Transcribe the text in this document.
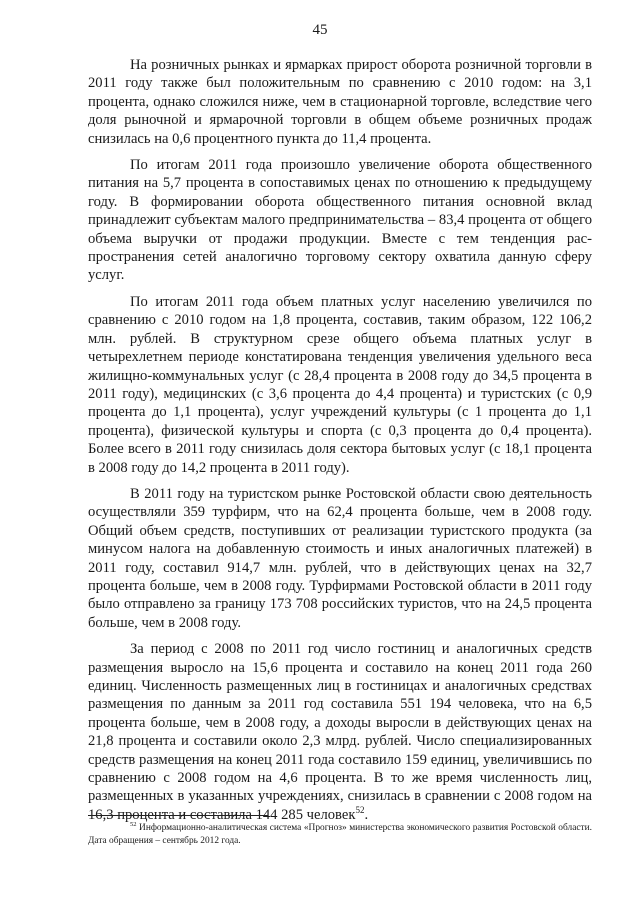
45

На розничных рынках и ярмарках прирост оборота розничной торговли в 2011 году также был положительным по сравнению с 2010 годом: на 3,1 процента, однако сложился ниже, чем в стационарной торговле, вследствие чего доля рыночной и ярмарочной торговли в общем объеме розничных продаж снизилась на 0,6 процентного пункта до 11,4 процента.

По итогам 2011 года произошло увеличение оборота общественного питания на 5,7 процента в сопоставимых ценах по отношению к предыдущему году. В формировании оборота общественного питания основной вклад принадлежит субъектам малого предпринимательства – 83,4 процента от общего объема выручки от продажи продукции. Вместе с тем тенденция распространения сетей аналогично торговому сектору охватила данную сферу услуг.

По итогам 2011 года объем платных услуг населению увеличился по сравнению с 2010 годом на 1,8 процента, составив, таким образом, 122 106,2 млн. рублей. В структурном срезе общего объема платных услуг в четырехлетнем периоде констатирована тенденция увеличения удельного веса жилищно-коммунальных услуг (с 28,4 процента в 2008 году до 34,5 процента в 2011 году), медицинских (с 3,6 процента до 4,4 процента) и туристских (с 0,9 процента до 1,1 процента), услуг учреждений культуры (с 1 процента до 1,1 процента), физической культуры и спорта (с 0,3 процента до 0,4 процента). Более всего в 2011 году снизилась доля сектора бытовых услуг (с 18,1 процента в 2008 году до 14,2 процента в 2011 году).

В 2011 году на туристском рынке Ростовской области свою деятельность осуществляли 359 турфирм, что на 62,4 процента больше, чем в 2008 году. Общий объем средств, поступивших от реализации туристского продукта (за минусом налога на добавленную стоимость и иных аналогичных платежей) в 2011 году, составил 914,7 млн. рублей, что в действующих ценах на 32,7 процента больше, чем в 2008 году. Турфирмами Ростовской области в 2011 году было отправлено за границу 173 708 российских туристов, что на 24,5 процента больше, чем в 2008 году.

За период с 2008 по 2011 год число гостиниц и аналогичных средств размещения выросло на 15,6 процента и составило на конец 2011 года 260 единиц. Численность размещенных лиц в гостиницах и аналогичных средствах размещения по данным за 2011 год составила 551 194 человека, что на 6,5 процента больше, чем в 2008 году, а доходы выросли в действующих ценах на 21,8 процента и составили около 2,3 млрд. рублей. Число специализированных средств размещения на конец 2011 года составило 159 единиц, увеличившись по сравнению с 2008 годом на 4,6 процента. В то же время численность лиц, размещенных в указанных учреждениях, снизилась в сравнении с 2008 годом на 16,3 процента и составила 144 285 человек$^{52}$.

$^{52}$ Информационно-аналитическая система «Прогноз» министерства экономического развития Ростовской области. Дата обращения – сентябрь 2012 года.
